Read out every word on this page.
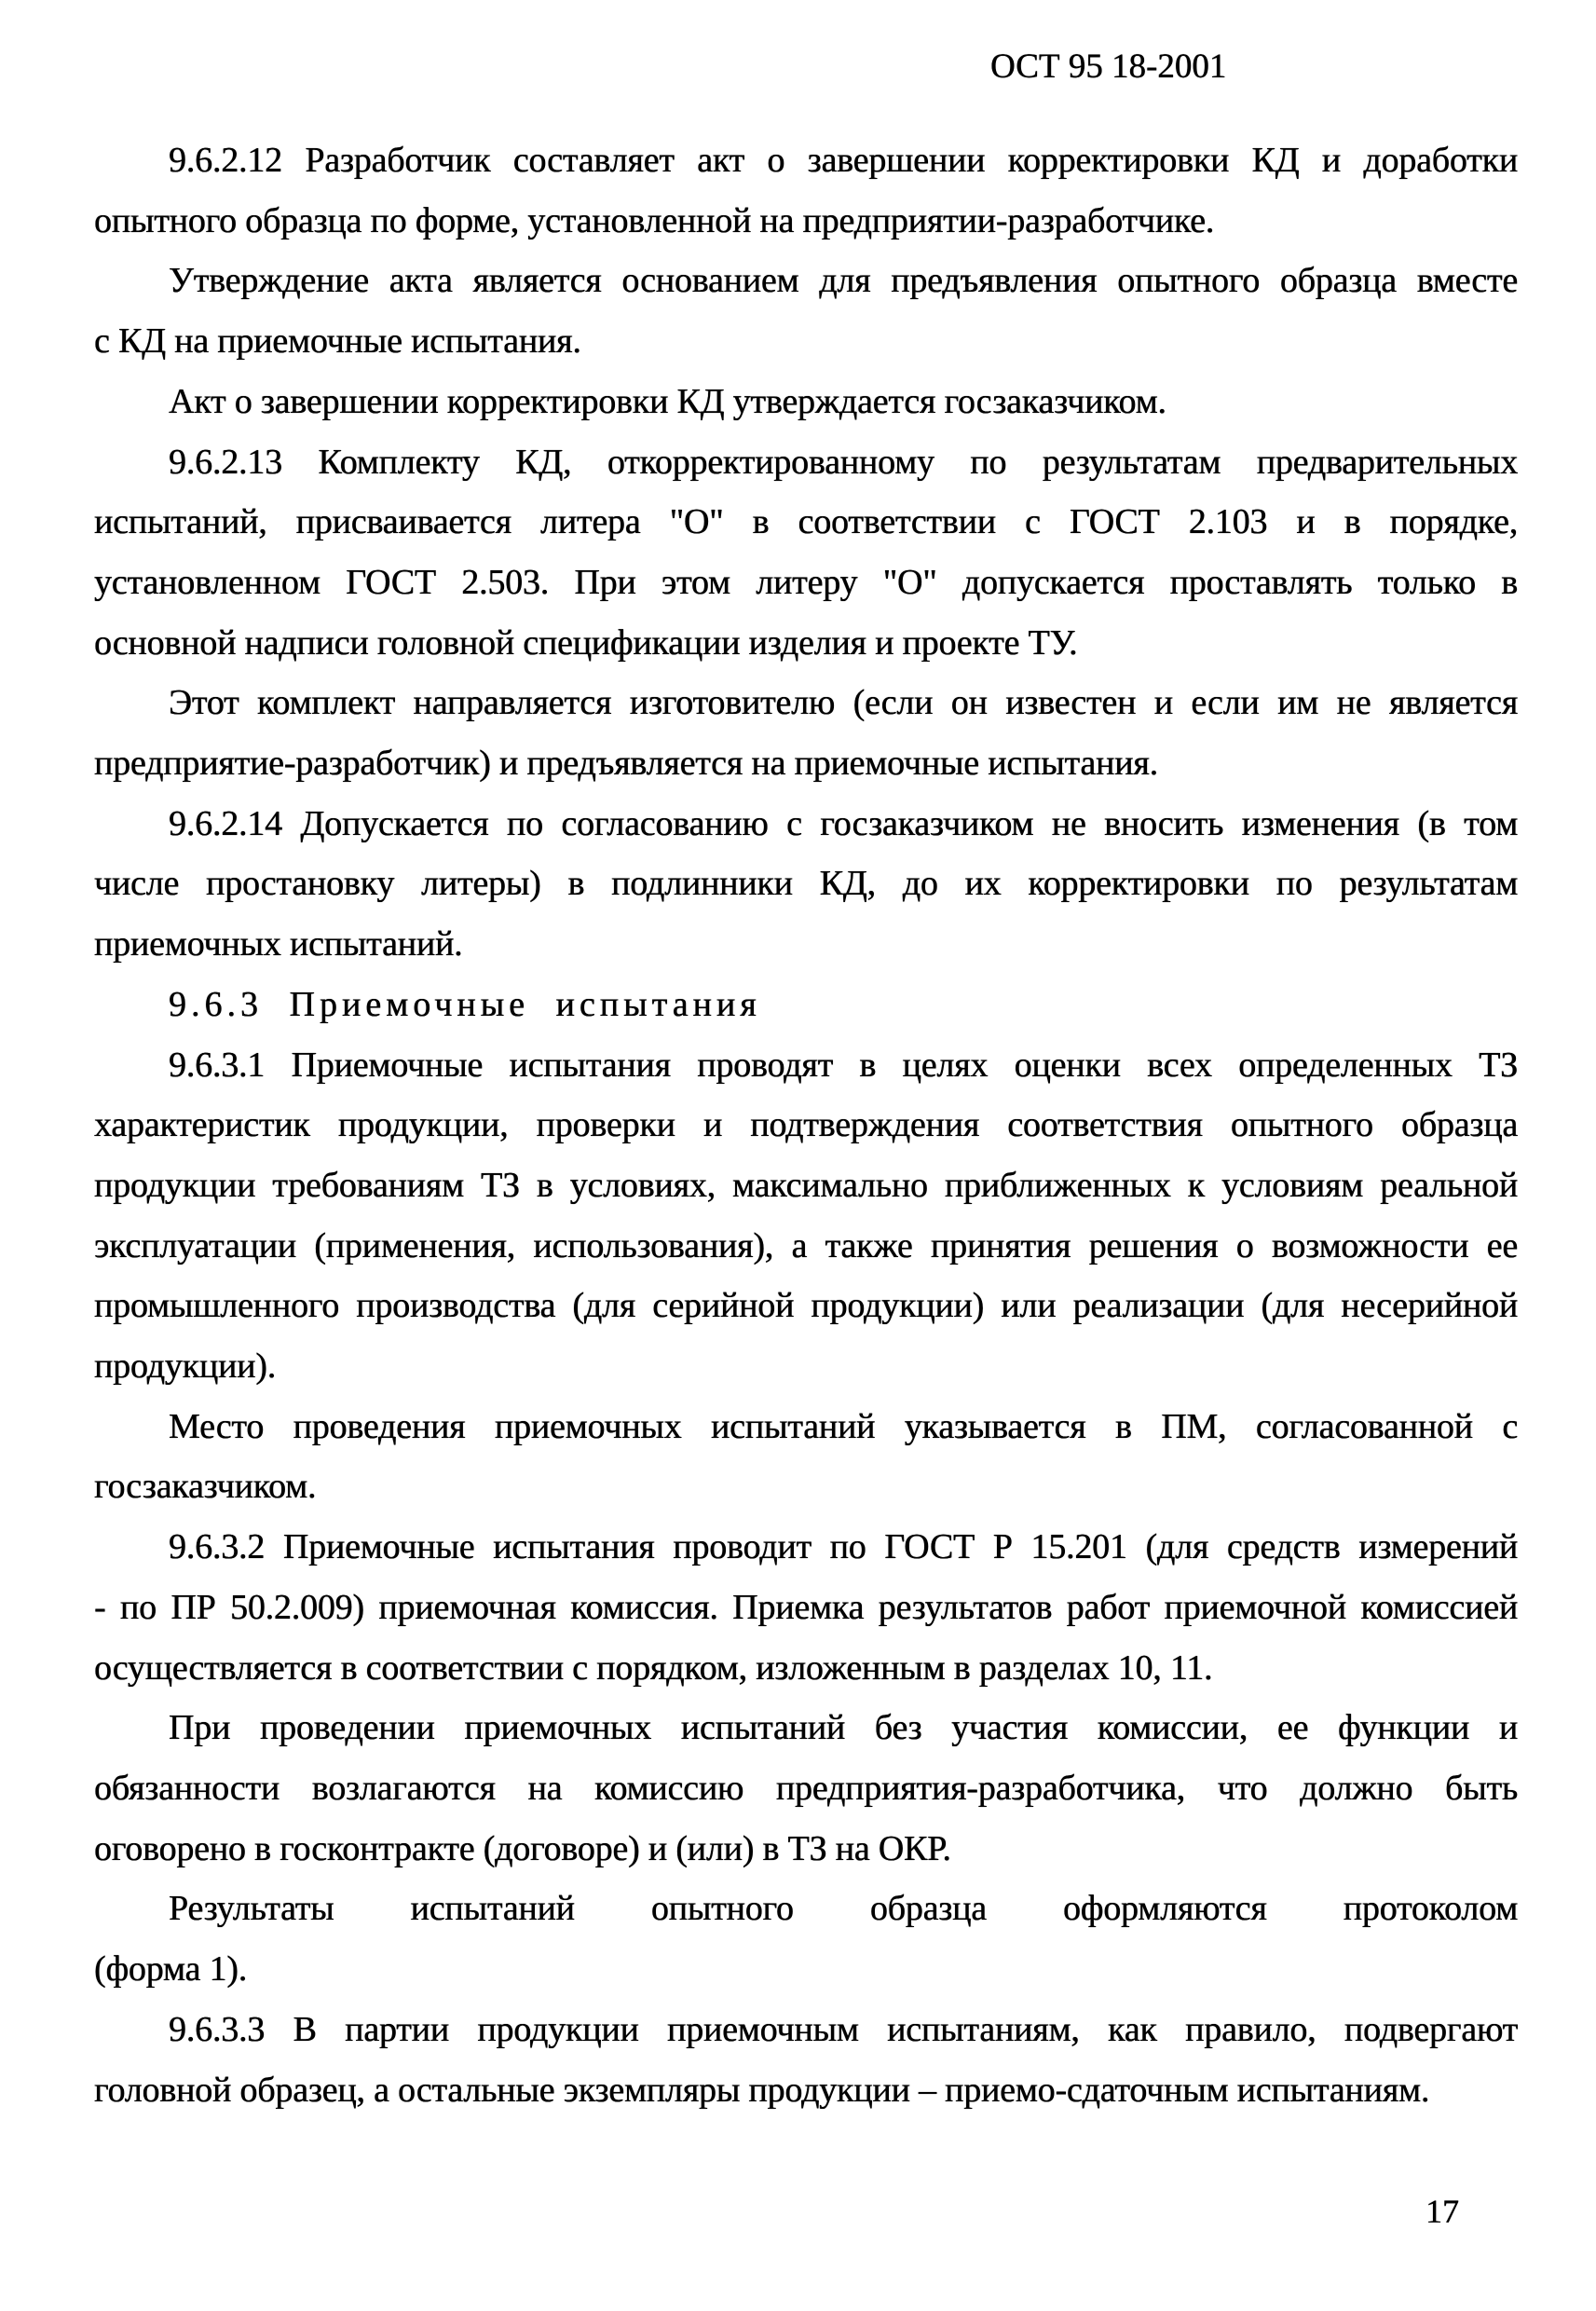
ОСТ 95 18-2001

9.6.2.12 Разработчик составляет акт о завершении корректировки КД и доработки
опытного образца по форме, установленной на предприятии-разработчике.

Утверждение акта является основанием для предъявления опытного образца вместе
с КД на приемочные испытания.

Акт о завершении корректировки КД утверждается госзаказчиком.

9.6.2.13 Комплекту КД, откорректированному по результатам предварительных
испытаний, присваивается литера "О" в соответствии с ГОСТ 2.103 и в порядке,
установленном ГОСТ 2.503. При этом литеру "О" допускается проставлять только в
основной надписи головной спецификации изделия и проекте ТУ.

Этот комплект направляется изготовителю (если он известен и если им не является
предприятие-разработчик) и предъявляется на приемочные испытания.

9.6.2.14 Допускается по согласованию с госзаказчиком не вносить изменения (в том
числе простановку литеры) в подлинники КД, до их корректировки по результатам
приемочных испытаний.

9.6.3 Приемочные испытания

9.6.3.1 Приемочные испытания проводят в целях оценки всех определенных ТЗ
характеристик продукции, проверки и подтверждения соответствия опытного образца
продукции требованиям ТЗ в условиях, максимально приближенных к условиям реальной
эксплуатации (применения, использования), а также принятия решения о возможности ее
промышленного производства (для серийной продукции) или реализации (для несерийной
продукции).

Место проведения приемочных испытаний указывается в ПМ, согласованной с
госзаказчиком.

9.6.3.2 Приемочные испытания проводит по ГОСТ Р 15.201 (для средств измерений
- по ПР 50.2.009) приемочная комиссия. Приемка результатов работ приемочной комиссией
осуществляется в соответствии с порядком, изложенным в разделах 10, 11.

При проведении приемочных испытаний без участия комиссии, ее функции и
обязанности возлагаются на комиссию предприятия-разработчика, что должно быть
оговорено в госконтракте (договоре) и (или) в ТЗ на ОКР.

Результаты испытаний опытного образца оформляются протоколом
(форма 1).

9.6.3.3 В партии продукции приемочным испытаниям, как правило, подвергают
головной образец, а остальные экземпляры продукции – приемо-сдаточным испытаниям.

17
